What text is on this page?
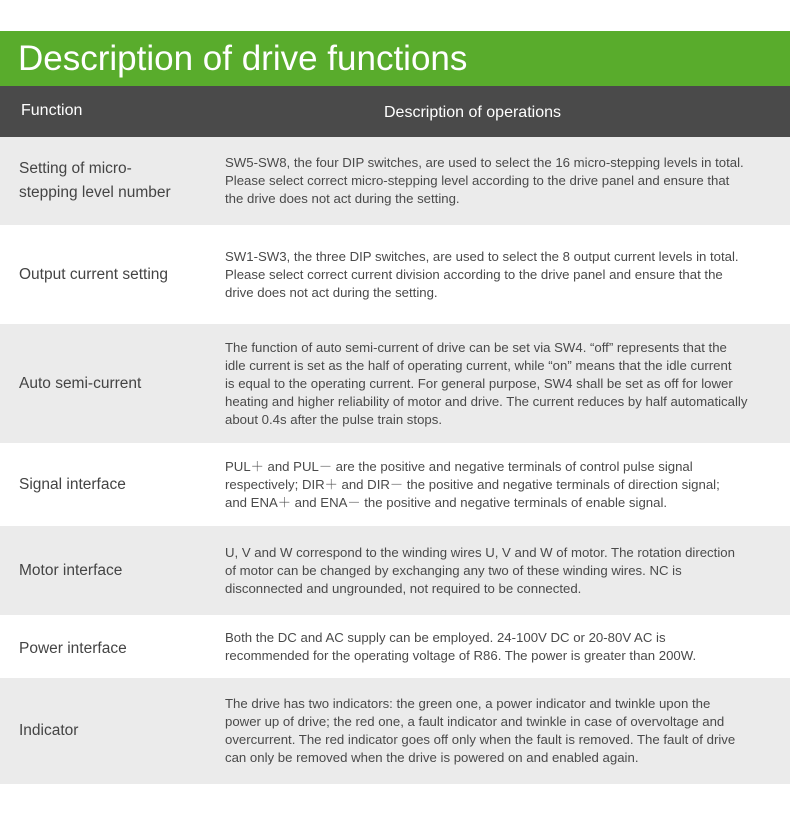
Description of drive functions
Function	Description of operations
Setting of micro-
stepping level number
SW5-SW8, the four DIP switches, are used to select the 16 micro-stepping levels in total.
Please select correct micro-stepping level according to the drive panel and ensure that
the drive does not act during the setting.
Output current setting
SW1-SW3, the three DIP switches, are used to select the 8 output current levels in total.
Please select correct current division according to the drive panel and ensure that the
drive does not act during the setting.
Auto semi-current
The function of auto semi-current of drive can be set via SW4. “off” represents that the
idle current is set as the half of operating current, while “on” means that the idle current
is equal to the operating current. For general purpose, SW4 shall be set as off for lower
heating and higher reliability of motor and drive. The current reduces by half automatically
about 0.4s after the pulse train stops.
Signal interface
PUL＋ and PUL－ are the positive and negative terminals of control pulse signal
respectively; DIR＋ and DIR－ the positive and negative terminals of direction signal;
and ENA＋ and ENA－ the positive and negative terminals of enable signal.
Motor interface
U, V and W correspond to the winding wires U, V and W of motor. The rotation direction
of motor can be changed by exchanging any two of these winding wires. NC is
disconnected and ungrounded, not required to be connected.
Power interface
Both the DC and AC supply can be employed. 24-100V DC or 20-80V AC is
recommended for the operating voltage of R86. The power is greater than 200W.
Indicator
The drive has two indicators: the green one, a power indicator and twinkle upon the
power up of drive; the red one, a fault indicator and twinkle in case of overvoltage and
overcurrent. The red indicator goes off only when the fault is removed. The fault of drive
can only be removed when the drive is powered on and enabled again.
